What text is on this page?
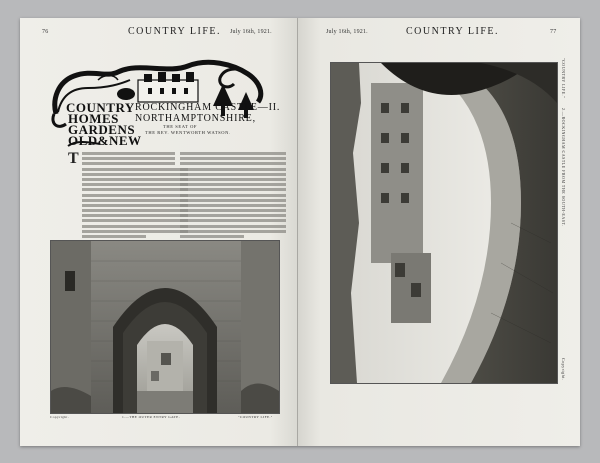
76	COUNTRY LIFE. July 16th, 1921.
COUNTRY
HOMES
GARDENS
OLD&NEW
ROCKINGHAM CASTLE—II.
NORTHAMPTONSHIRE,
THE SEAT OF
THE REV. WENTWORTH WATSON.
T
Copyright.	1.—THE OUTER ENTRY GATE.	"COUNTRY LIFE."
July 16th, 1921.	COUNTRY LIFE.	77
2.—ROCKINGHAM CASTLE FROM THE SOUTH-EAST.
"COUNTRY LIFE."
Copyright.
